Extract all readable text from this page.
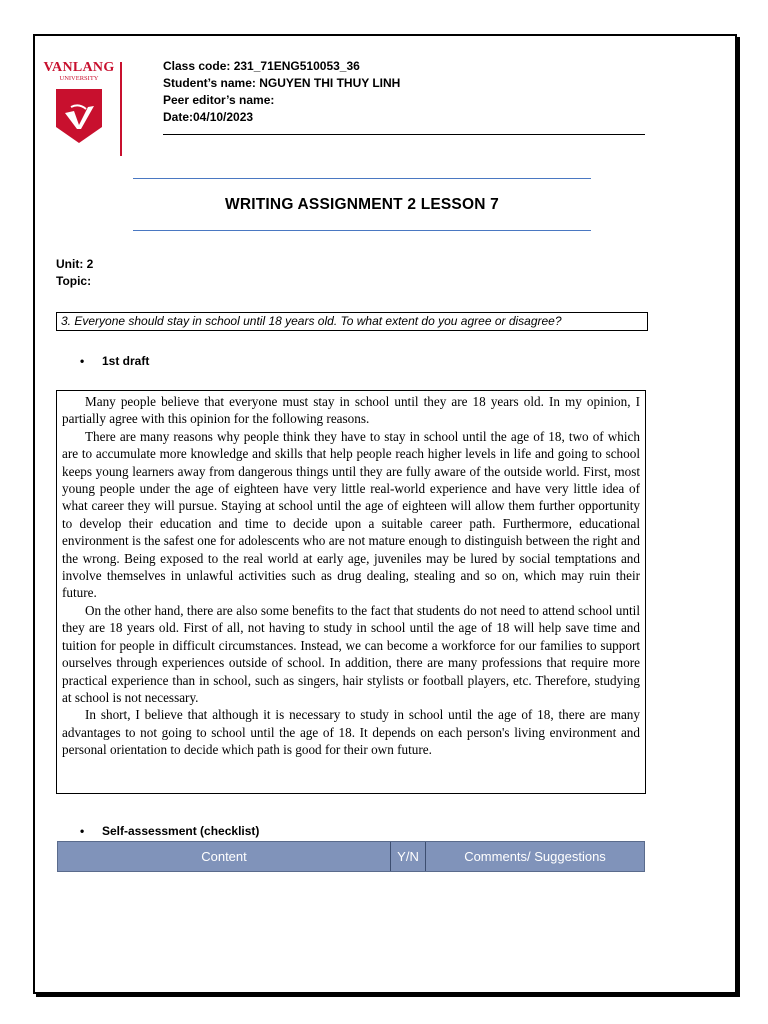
VANLANG
UNIVERSITY
Class code: 231_71ENG510053_36
Student’s name: NGUYEN THI THUY LINH
Peer editor’s name:
Date:04/10/2023
WRITING ASSIGNMENT 2 LESSON 7
Unit: 2
Topic:
3. Everyone should stay in school until 18 years old. To what extent do you agree or disagree?
• 1st draft

Many people believe that everyone must stay in school until they are 18 years old. In my opinion, I partially agree with this opinion for the following reasons.

There are many reasons why people think they have to stay in school until the age of 18, two of which are to accumulate more knowledge and skills that help people reach higher levels in life and going to school keeps young learners away from dangerous things until they are fully aware of the outside world. First, most young people under the age of eighteen have very little real-world experience and have very little idea of what career they will pursue. Staying at school until the age of eighteen will allow them further opportunity to develop their education and time to decide upon a suitable career path. Furthermore, educational environment is the safest one for adolescents who are not mature enough to distinguish between the right and the wrong. Being exposed to the real world at early age, juveniles may be lured by social temptations and involve themselves in unlawful activities such as drug dealing, stealing and so on, which may ruin their future.

On the other hand, there are also some benefits to the fact that students do not need to attend school until they are 18 years old. First of all, not having to study in school until the age of 18 will help save time and tuition for people in difficult circumstances. Instead, we can become a workforce for our families to support ourselves through experiences outside of school. In addition, there are many professions that require more practical experience than in school, such as singers, hair stylists or football players, etc. Therefore, studying at school is not necessary.

In short, I believe that although it is necessary to study in school until the age of 18, there are many advantages to not going to school until the age of 18. It depends on each person's living environment and personal orientation to decide which path is good for their own future.

• Self-assessment (checklist)
Content	Y/N	Comments/ Suggestions
